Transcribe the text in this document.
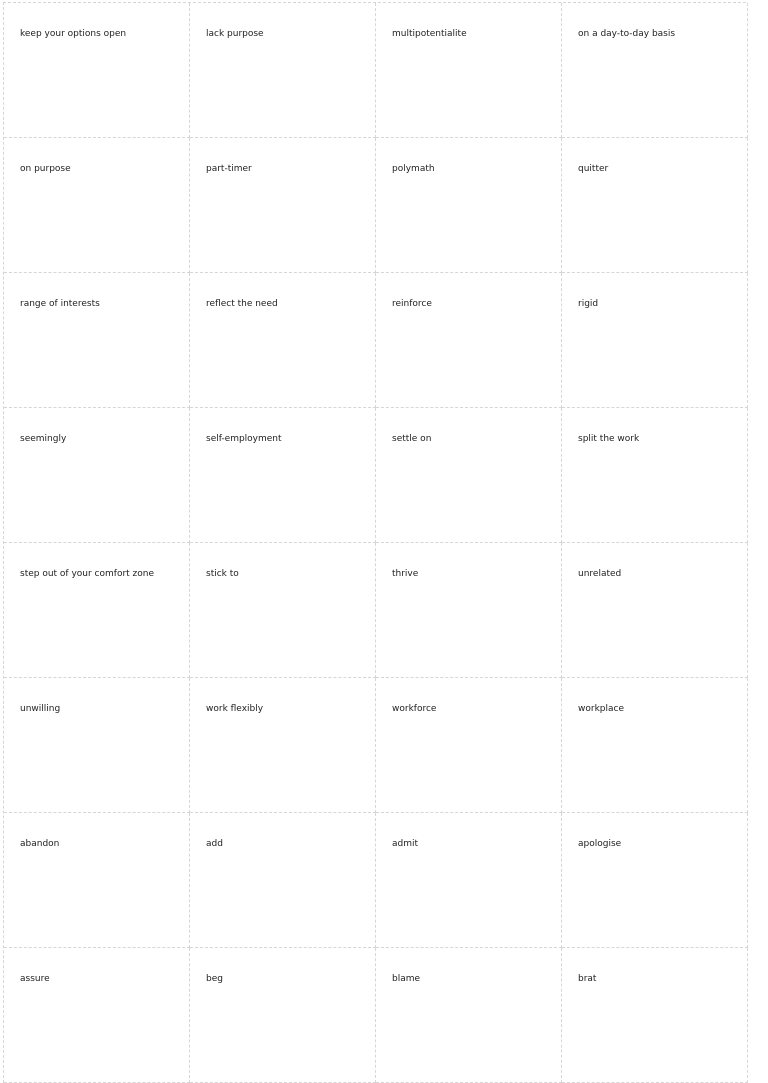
keep your options open	lack purpose	multipotentialite	on a day-to-day basis
on purpose	part-timer	polymath	quitter
range of interests	reflect the need	reinforce	rigid
seemingly	self-employment	settle on	split the work
step out of your comfort zone	stick to	thrive	unrelated
unwilling	work flexibly	workforce	workplace
abandon	add	admit	apologise
assure	beg	blame	brat
